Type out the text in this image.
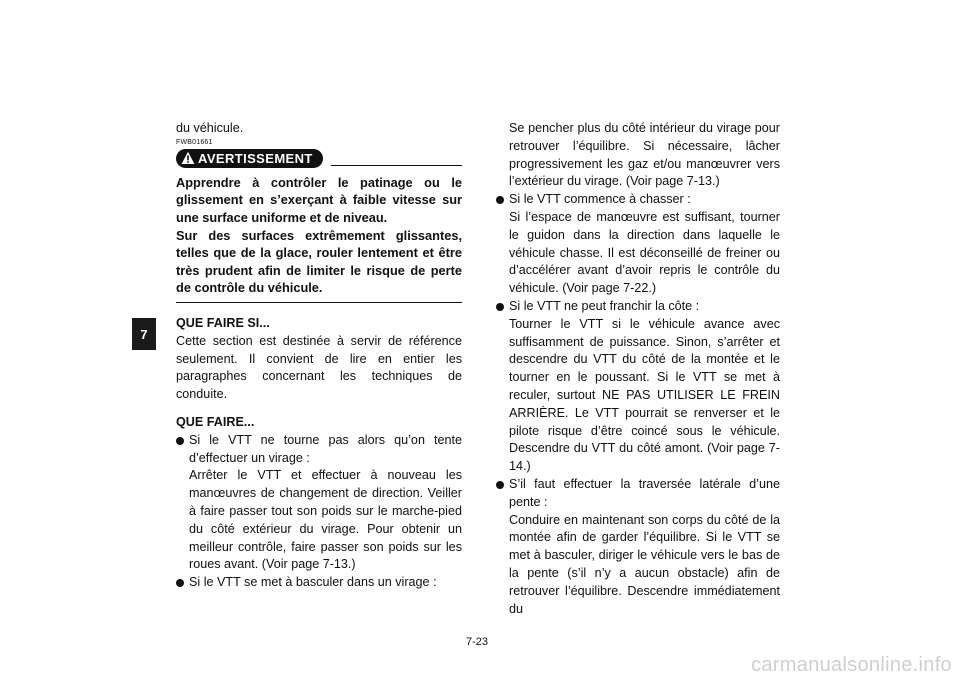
7

du véhicule.

FWB01661
AVERTISSEMENT

Apprendre à contrôler le patinage ou le glissement en s’exerçant à faible vitesse sur une surface uniforme et de niveau.

Sur des surfaces extrêmement glissantes, telles que de la glace, rouler lentement et être très prudent afin de limiter le risque de perte de contrôle du véhicule.

QUE FAIRE SI...

Cette section est destinée à servir de référence seulement. Il convient de lire en entier les paragraphes concernant les techniques de conduite.

QUE FAIRE...

Si le VTT ne tourne pas alors qu’on tente d’effectuer un virage :

Arrêter le VTT et effectuer à nouveau les manœuvres de changement de direction. Veiller à faire passer tout son poids sur le marche-pied du côté extérieur du virage. Pour obtenir un meilleur contrôle, faire passer son poids sur les roues avant. (Voir page 7-13.)

Si le VTT se met à basculer dans un virage :

Se pencher plus du côté intérieur du virage pour retrouver l’équilibre. Si nécessaire, lâcher progressivement les gaz et/ou manœuvrer vers l’extérieur du virage. (Voir page 7-13.)

Si le VTT commence à chasser :

Si l’espace de manœuvre est suffisant, tourner le guidon dans la direction dans laquelle le véhicule chasse. Il est déconseillé de freiner ou d’accélérer avant d’avoir repris le contrôle du véhicule. (Voir page 7-22.)

Si le VTT ne peut franchir la côte :

Tourner le VTT si le véhicule avance avec suffisamment de puissance. Sinon, s’arrêter et descendre du VTT du côté de la montée et le tourner en le poussant. Si le VTT se met à reculer, surtout NE PAS UTILISER LE FREIN ARRIÈRE. Le VTT pourrait se renverser et le pilote risque d’être coincé sous le véhicule. Descendre du VTT du côté amont. (Voir page 7-14.)

S’il faut effectuer la traversée latérale d’une pente :

Conduire en maintenant son corps du côté de la montée afin de garder l’équilibre. Si le VTT se met à basculer, diriger le véhicule vers le bas de la pente (s’il n’y a aucun obstacle) afin de retrouver l’équilibre. Descendre immédiatement du

7-23
carmanualsonline.info
